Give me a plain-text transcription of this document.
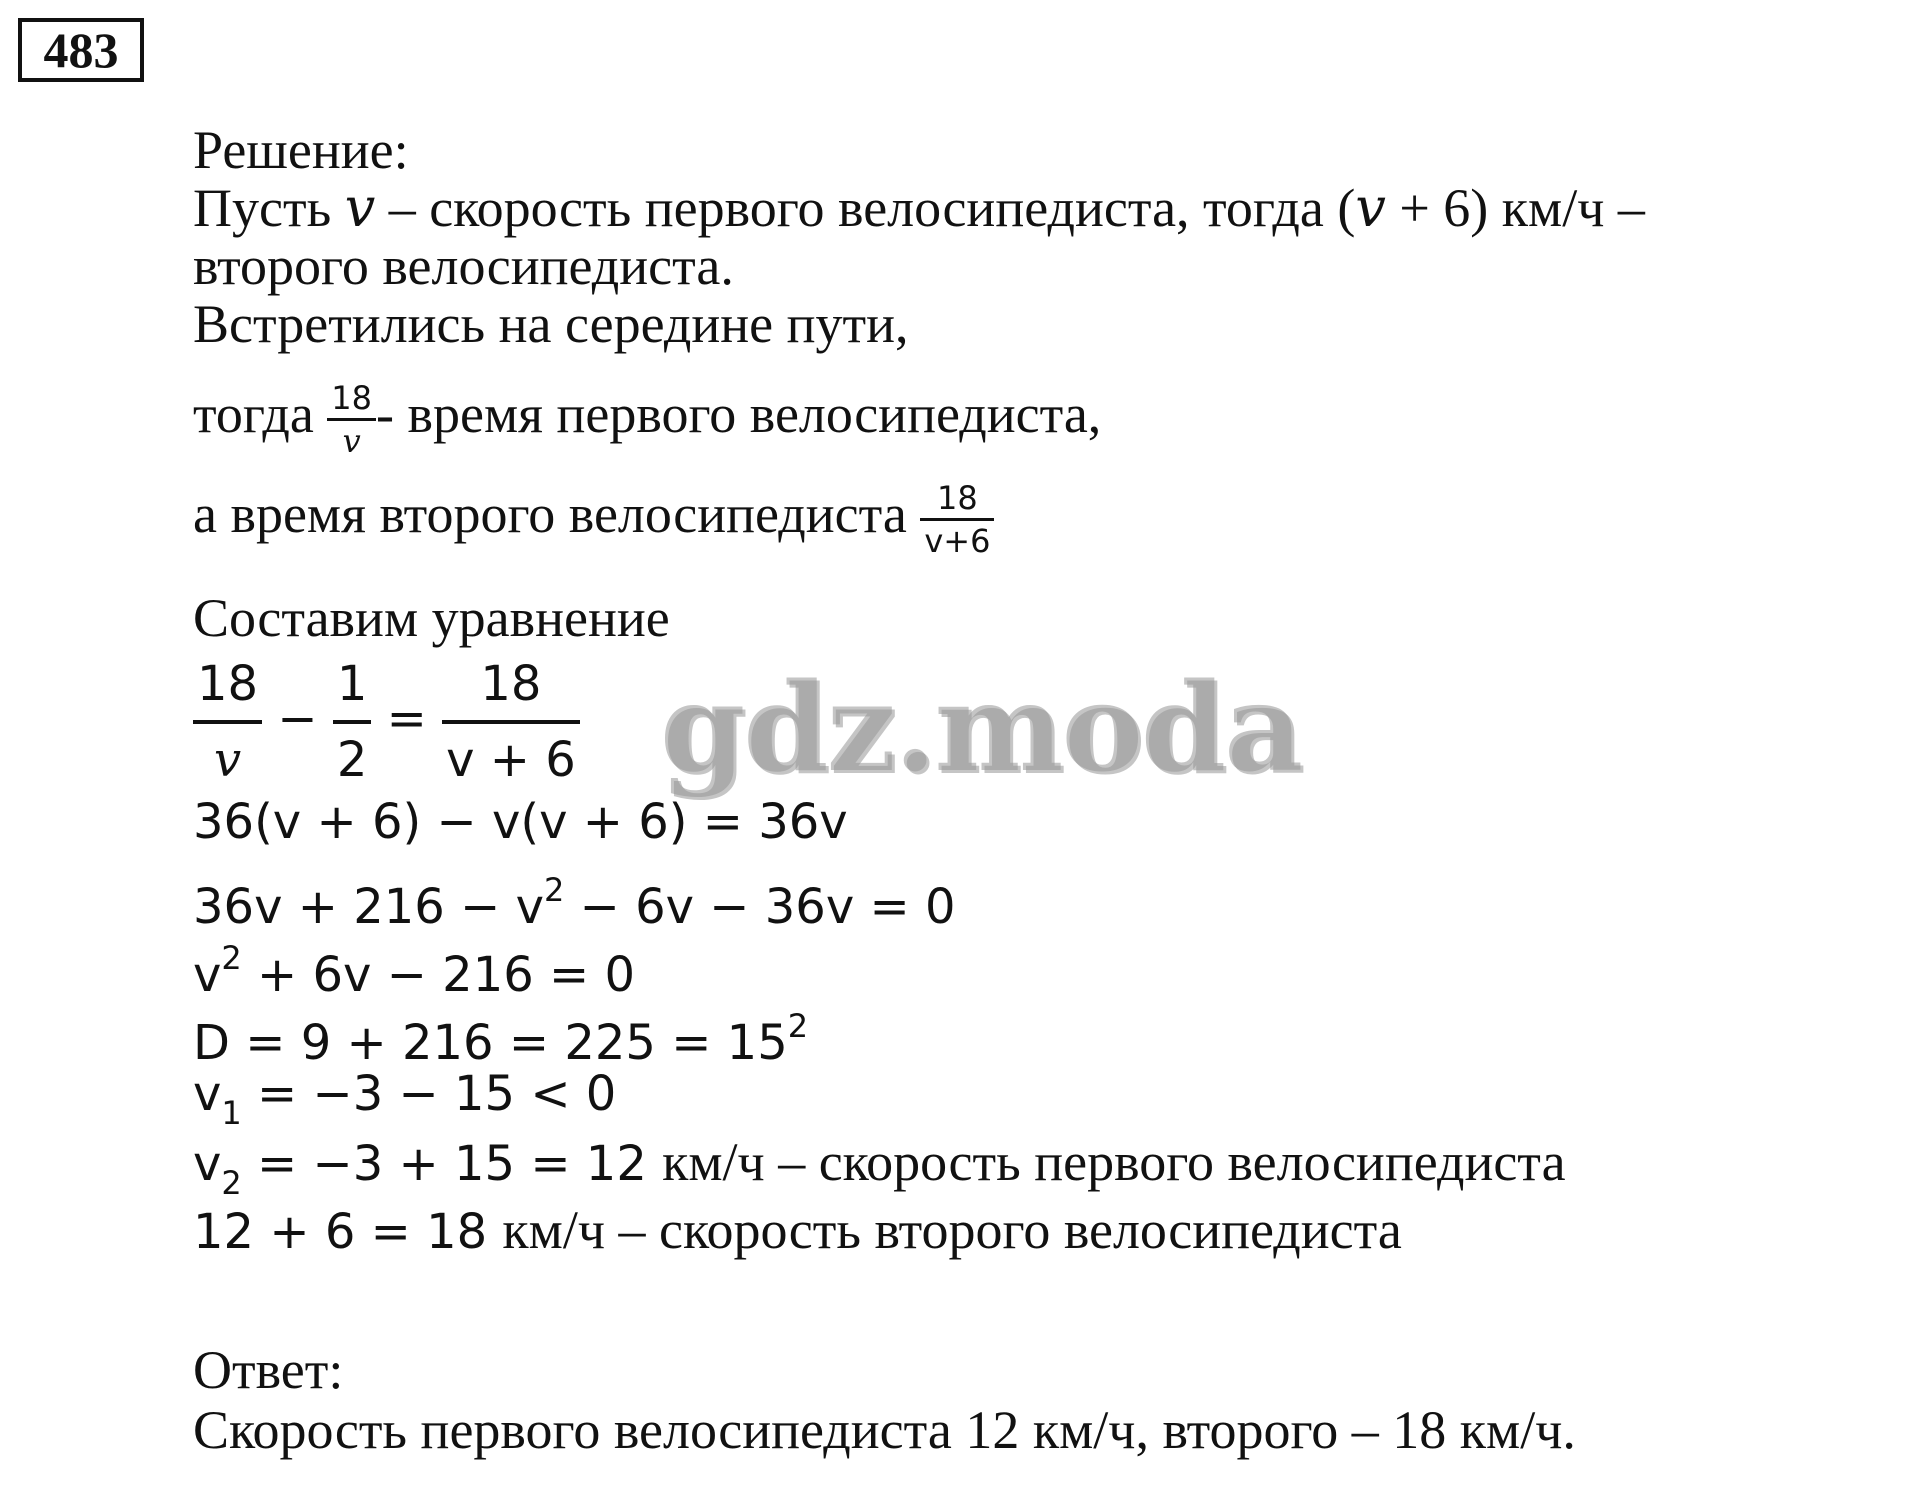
483
Решение:
Пусть v – скорость первого велосипедиста, тогда (v + 6) км/ч –
второго велосипедиста.
Встретились на середине пути,
тогда $\frac{18}{v}$ - время первого велосипедиста,
а время второго велосипедиста $\frac{18}{v+6}$
Составим уравнение
$\frac{18}{v} - \frac{1}{2} = \frac{18}{v + 6}$
36(v + 6) − v(v + 6) = 36v
$36v + 216 - v^2 - 6v - 36v = 0$
$v^2 + 6v - 216 = 0$
$D = 9 + 216 = 225 = 15^2$
$v_1 = -3 - 15 < 0$
$v_2 = -3 + 15 = 12$ км/ч – скорость первого велосипедиста
12 + 6 = 18 км/ч – скорость второго велосипедиста
Ответ:
Скорость первого велосипедиста 12 км/ч, второго – 18 км/ч.
gdz.moda
